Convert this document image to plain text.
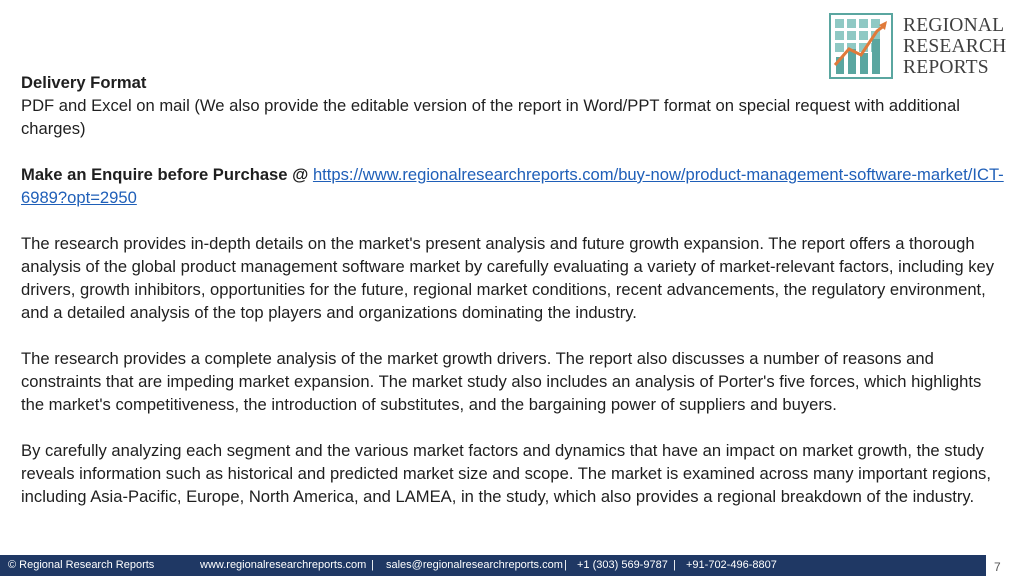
REGIONAL
RESEARCH
REPORTS

Delivery Format

PDF and Excel on mail (We also provide the editable version of the report in Word/PPT format on special request with additional charges)

Make an Enquire before Purchase @ https://www.regionalresearchreports.com/buy-now/product-management-software-market/ICT-6989?opt=2950

The research provides in-depth details on the market's present analysis and future growth expansion. The report offers a thorough analysis of the global product management software market by carefully evaluating a variety of market-relevant factors, including key drivers, growth inhibitors, opportunities for the future, regional market conditions, recent advancements, the regulatory environment, and a detailed analysis of the top players and organizations dominating the industry.

The research provides a complete analysis of the market growth drivers. The report also discusses a number of reasons and constraints that are impeding market expansion. The market study also includes an analysis of Porter's five forces, which highlights the market's competitiveness, the introduction of substitutes, and the bargaining power of suppliers and buyers.

By carefully analyzing each segment and the various market factors and dynamics that have an impact on market growth, the study reveals information such as historical and predicted market size and scope. The market is examined across many important regions, including Asia-Pacific, Europe, North America, and LAMEA, in the study, which also provides a regional breakdown of the industry.

© Regional Research Reports	www.regionalresearchreports.com | sales@regionalresearchreports.com | +1 (303) 569-9787 | +91-702-496-8807	7
